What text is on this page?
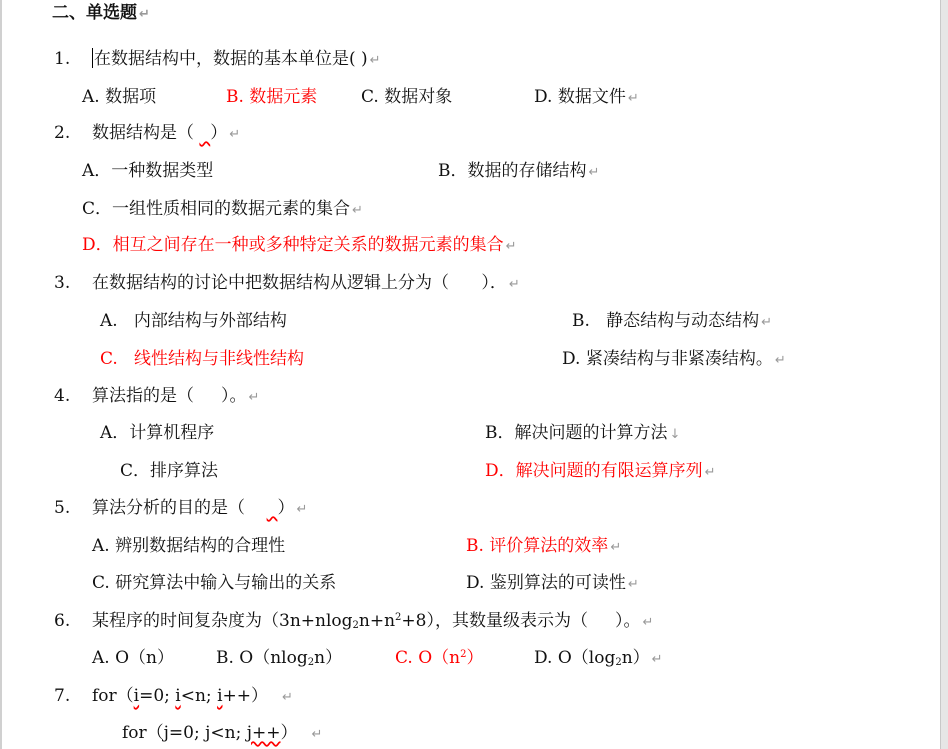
二、单选题 ↵
1. 在数据结构中，数据的基本单位是( ) ↵
A. 数据项	B. 数据元素	C. 数据对象	D. 数据文件 ↵
2. 数据结构是（   ） ↵
A．一种数据类型	B．数据的存储结构 ↵
C．一组性质相同的数据元素的集合 ↵
D．相互之间存在一种或多种特定关系的数据元素的集合 ↵
3. 在数据结构的讨论中把数据结构从逻辑上分为（      ）． ↵
A.   内部结构与外部结构	B.   静态结构与动态结构 ↵
C.   线性结构与非线性结构	D. 紧凑结构与非紧凑结构。 ↵
4. 算法指的是（     ）。 ↵
A．计算机程序	B．解决问题的计算方法 ↓
C．排序算法	D．解决问题的有限运算序列 ↵
5. 算法分析的目的是（      ） ↵
A. 辨别数据结构的合理性	B. 评价算法的效率 ↵
C. 研究算法中输入与输出的关系	D. 鉴别算法的可读性 ↵
6. 某程序的时间复杂度为$(3n+nlog_2n+n^2+8)$，其数量级表示为（     ）。 ↵
A. O（n） B. O（nlog$_2$n）	C. $O(n^2)$	D. $O(\log_2n)$ ↵
7. for（i=0; i<n; i++） ↵
for（j=0; j<n; j++） ↵
